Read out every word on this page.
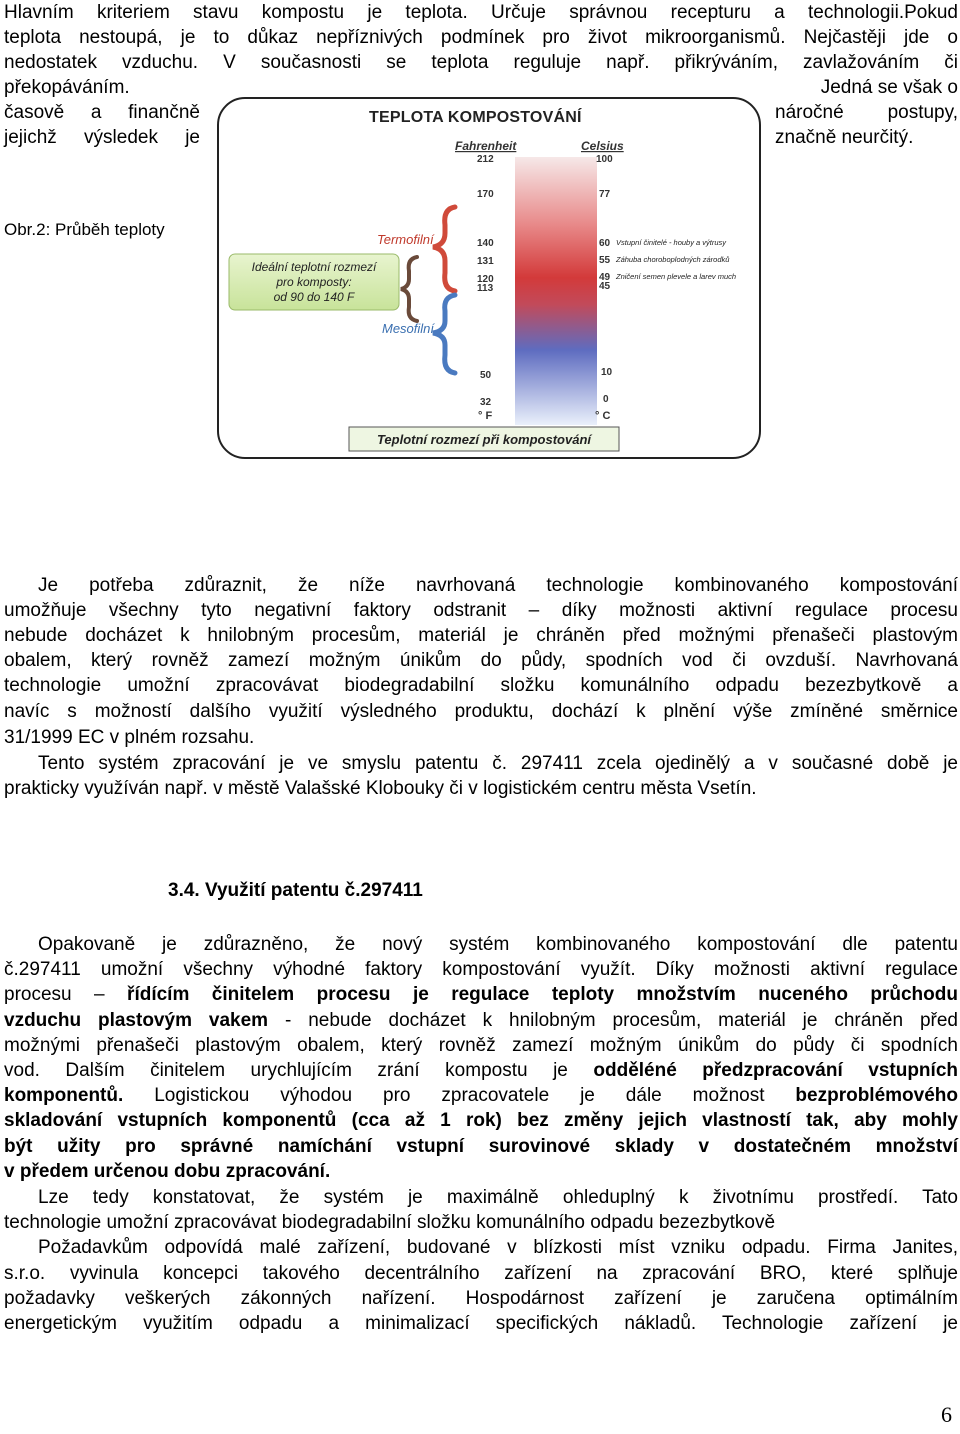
Hlavním kriteriem stavu kompostu je teplota. Určuje správnou recepturu a technologii.Pokud
teplota nestoupá, je to důkaz nepříznivých podmínek pro život mikroorganismů. Nejčastěji jde o
nedostatek vzduchu. V současnosti se teplota reguluje např. přikrýváním, zavlažováním či
překopáváním.	Jedná se však o
časově a finančně	náročné postupy,
jejichž výsledek je	značně neurčitý.
Obr.2: Průběh teploty
TEPLOTA KOMPOSTOVÁNÍ
Fahrenheit	Celsius
212
170
140
131
120
113
50
32
° F
100
77
60
55
49
45
10
0
° C
Vstupní činitelé - houby a výtrusy
Záhuba choroboplodných zárodků
Zničení semen plevele a larev much
Termofilní
Mesofilní
Ideální teplotní rozmezí
pro komposty:
od 90 do 140 F
Teplotní rozmezí při kompostování
Je potřeba zdůraznit, že níže navrhovaná technologie kombinovaného kompostování
umožňuje všechny tyto negativní faktory odstranit – díky možnosti aktivní regulace procesu
nebude docházet k hnilobným procesům, materiál je chráněn před možnými přenašeči plastovým
obalem, který rovněž zamezí možným únikům do půdy, spodních vod či ovzduší. Navrhovaná
technologie umožní zpracovávat biodegradabilní složku komunálního odpadu bezezbytkově a
navíc s možností dalšího využití výsledného produktu, dochází k plnění výše zmíněné směrnice
31/1999 EC v plném rozsahu.
Tento systém zpracování je ve smyslu patentu č. 297411 zcela ojedinělý a v současné době je
prakticky využíván např. v městě Valašské Klobouky či v logistickém centru města Vsetín.
3.4. Využití patentu č.297411
Opakovaně je zdůrazněno, že nový systém kombinovaného kompostování dle patentu
č.297411 umožní všechny výhodné faktory kompostování využít. Díky možnosti aktivní regulace
procesu – řídícím činitelem procesu je regulace teploty množstvím nuceného průchodu
vzduchu plastovým vakem - nebude docházet k hnilobným procesům, materiál je chráněn před
možnými přenašeči plastovým obalem, který rovněž zamezí možným únikům do půdy či spodních
vod. Dalším činitelem urychlujícím zrání kompostu je odděléné předzpracování vstupních
komponentů. Logistickou výhodou pro zpracovatele je dále možnost bezproblémového
skladování vstupních komponentů (cca až 1 rok) bez změny jejich vlastností tak, aby mohly
být užity pro správné namíchání vstupní surovinové sklady v dostatečném množství
v předem určenou dobu zpracování.
Lze tedy konstatovat, že systém je maximálně ohleduplný k životnímu prostředí. Tato
technologie umožní zpracovávat biodegradabilní složku komunálního odpadu bezezbytkově
Požadavkům odpovídá malé zařízení, budované v blízkosti míst vzniku odpadu. Firma Janites,
s.r.o. vyvinula koncepci takového decentrálního zařízení na zpracování BRO, které splňuje
požadavky veškerých zákonných nařízení. Hospodárnost zařízení je zaručena optimálním
energetickým využitím odpadu a minimalizací specifických nákladů. Technologie zařízení je
6
